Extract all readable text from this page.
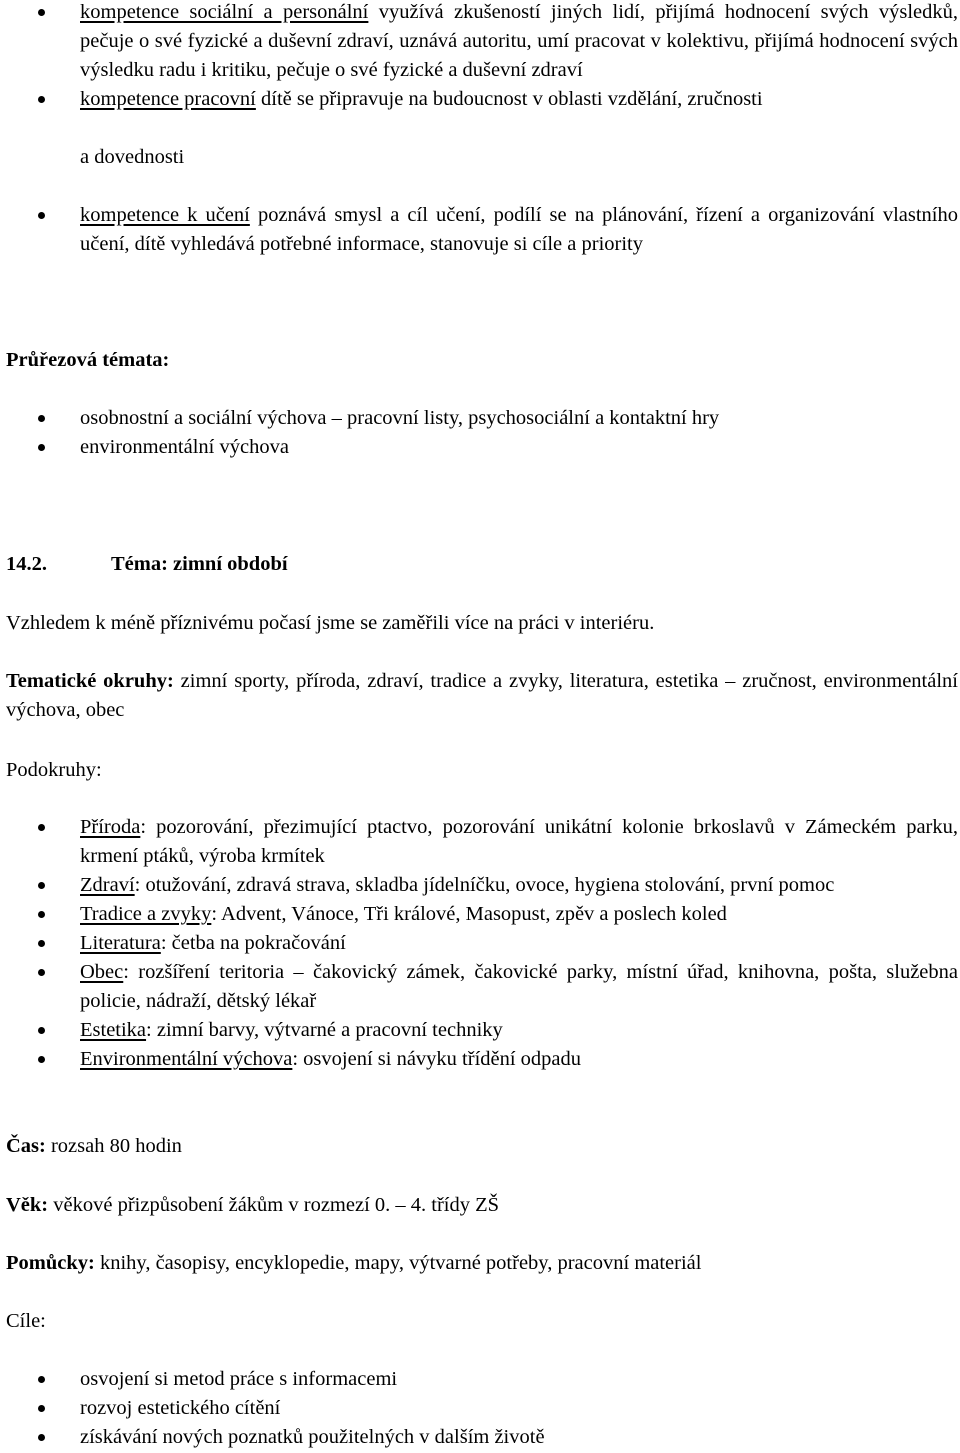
kompetence sociální a personální využívá zkušeností jiných lidí, přijímá hodnocení svých výsledků, pečuje o své fyzické a duševní zdraví, uznává autoritu, umí pracovat v kolektivu, přijímá hodnocení svých výsledku radu i kritiku, pečuje o své fyzické a duševní zdraví
kompetence pracovní dítě se připravuje na budoucnost v oblasti vzdělání, zručnosti
a dovednosti
kompetence k učení poznává smysl a cíl učení, podílí se na plánování, řízení a organizování vlastního učení, dítě vyhledává potřebné informace, stanovuje si cíle a priority
Průřezová témata:
osobnostní a sociální výchova – pracovní listy, psychosociální a kontaktní hry
environmentální výchova
14.2.	Téma: zimní období
Vzhledem k méně příznivému počasí jsme se zaměřili více na práci v interiéru.
Tematické okruhy: zimní sporty, příroda, zdraví, tradice a zvyky, literatura, estetika – zručnost, environmentální výchova, obec
Podokruhy:
Příroda: pozorování, přezimující ptactvo, pozorování unikátní kolonie brkoslavů v Zámeckém parku, krmení ptáků, výroba krmítek
Zdraví: otužování, zdravá strava, skladba jídelníčku, ovoce, hygiena stolování, první pomoc
Tradice a zvyky: Advent, Vánoce, Tři králové, Masopust, zpěv a poslech koled
Literatura: četba na pokračování
Obec: rozšíření teritoria – čakovický zámek, čakovické parky, místní úřad, knihovna, pošta, služebna policie, nádraží, dětský lékař
Estetika: zimní barvy, výtvarné a pracovní techniky
Environmentální výchova: osvojení si návyku třídění odpadu
Čas: rozsah 80 hodin
Věk: věkové přizpůsobení žákům v rozmezí 0. – 4. třídy ZŠ
Pomůcky: knihy, časopisy, encyklopedie, mapy, výtvarné potřeby, pracovní materiál
Cíle:
osvojení si metod práce s informacemi
rozvoj estetického cítění
získávání nových poznatků použitelných v dalším životě
